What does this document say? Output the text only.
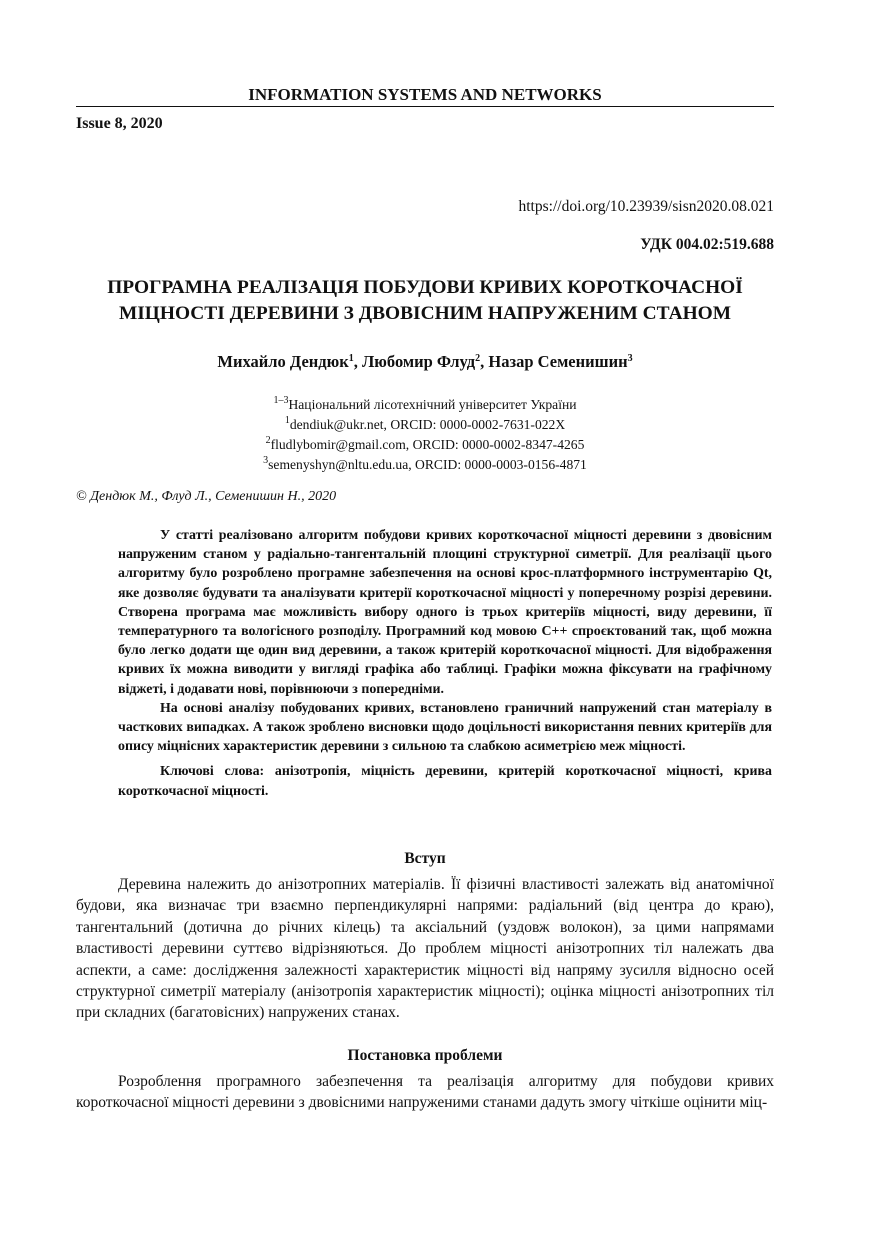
INFORMATION SYSTEMS AND NETWORKS
Issue 8, 2020
https://doi.org/10.23939/sisn2020.08.021
УДК 004.02:519.688
ПРОГРАМНА РЕАЛІЗАЦІЯ ПОБУДОВИ КРИВИХ КОРОТКОЧАСНОЇ МІЦНОСТІ ДЕРЕВИНИ З ДВОВІСНИМ НАПРУЖЕНИМ СТАНОМ
Михайло Дендюк$^1$, Любомир Флуд$^2$, Назар Семенишин$^3$
$^{1-3}$Національний лісотехнічний університет України
$^1$dendiuk@ukr.net, ORCID: 0000-0002-7631-022X
$^2$fludlybomir@gmail.com, ORCID: 0000-0002-8347-4265
$^3$semenyshyn@nltu.edu.ua, ORCID: 0000-0003-0156-4871
© Дендюк М., Флуд Л., Семенишин Н., 2020

У статті реалізовано алгоритм побудови кривих короткочасної міцності деревини з двовісним напруженим станом у радіально-тангентальній площині структурної симетрії. Для реалізації цього алгоритму було розроблено програмне забезпечення на основі крос-платформного інструментарію Qt, яке дозволяє будувати та аналізувати критерії короткочасної міцності у поперечному розрізі деревини. Створена програма має можливість вибору одного із трьох критеріїв міцності, виду деревини, її температурного та вологісного розподілу. Програмний код мовою С++ спроєктований так, щоб можна було легко додати ще один вид деревини, а також критерій короткочасної міцності. Для відображення кривих їх можна виводити у вигляді графіка або таблиці. Графіки можна фіксувати на графічному віджеті, і додавати нові, порівнюючи з попередніми.

На основі аналізу побудованих кривих, встановлено граничний напружений стан матеріалу в часткових випадках. А також зроблено висновки щодо доцільності використання певних критеріїв для опису міцнісних характеристик деревини з сильною та слабкою асиметрією меж міцності.

Ключові слова: анізотропія, міцність деревини, критерій короткочасної міцності, крива короткочасної міцності.

Вступ

Деревина належить до анізотропних матеріалів. Її фізичні властивості залежать від анатомічної будови, яка визначає три взаємно перпендикулярні напрями: радіальний (від центра до краю), тангентальний (дотична до річних кілець) та аксіальний (уздовж волокон), за цими напрямами властивості деревини суттєво відрізняються. До проблем міцності анізотропних тіл належать два аспекти, а саме: дослідження залежності характеристик міцності від напряму зусилля відносно осей структурної симетрії матеріалу (анізотропія характеристик міцності); оцінка міцності анізотропних тіл при складних (багатовісних) напружених станах.

Постановка проблеми

Розроблення програмного забезпечення та реалізація алгоритму для побудови кривих короткочасної міцності деревини з двовісними напруженими станами дадуть змогу чіткіше оцінити міц-
